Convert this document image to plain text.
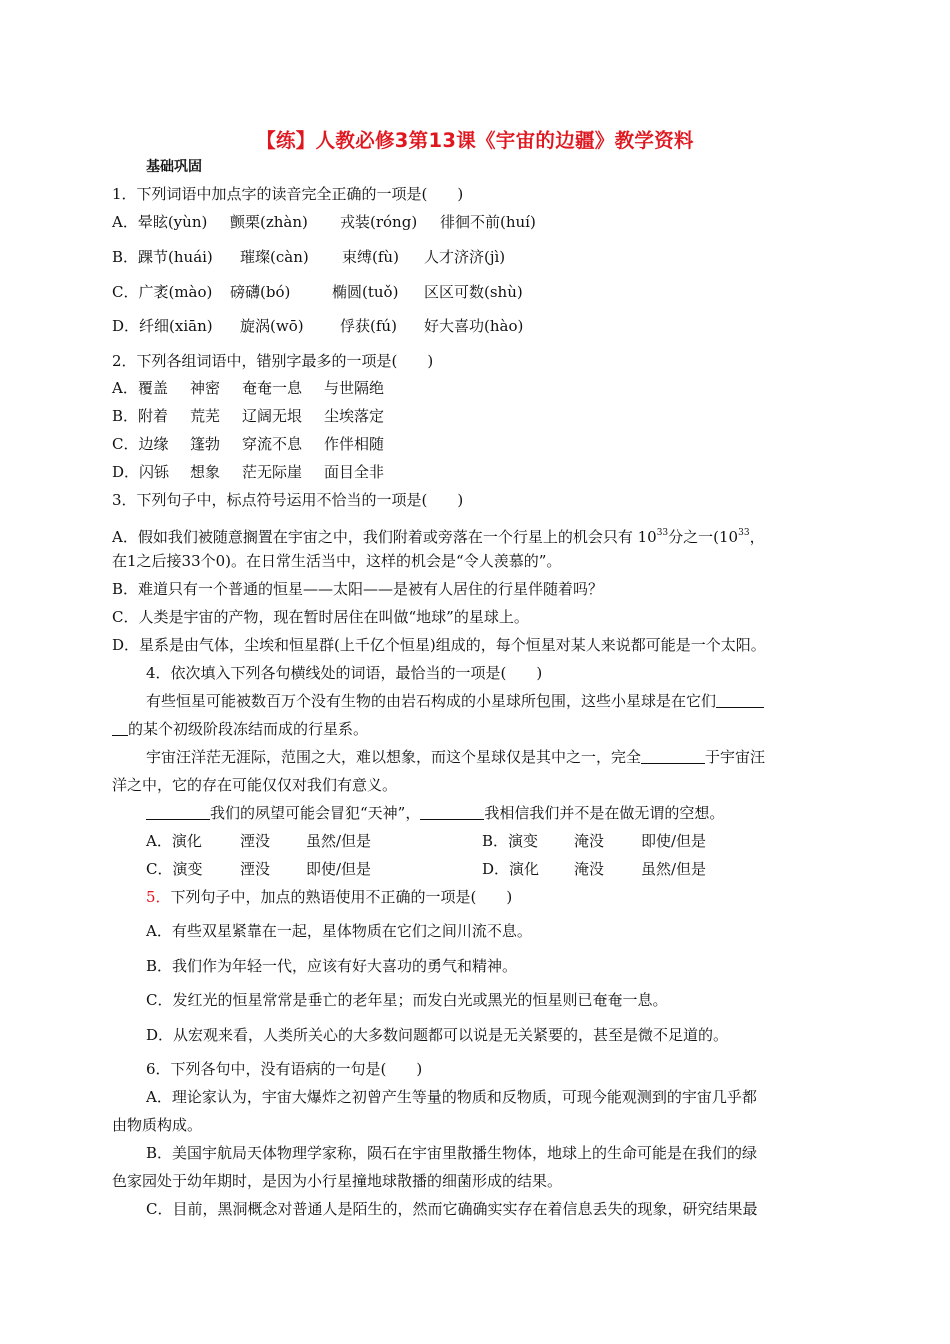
【练】人教必修3第13课《宇宙的边疆》教学资料
基础巩固
1．下列词语中加点字的读音完全正确的一项是(　　)
A．晕眩(yùn) 颤栗(zhàn) 戎装(róng) 徘徊不前(huí)
B．踝节(huái) 璀璨(càn) 束缚(fù) 人才济济(jì)
C．广袤(mào) 磅礴(bó)	椭圆(tuǒ) 区区可数(shù)
D．纤细(xiān) 旋涡(wō) 俘获(fú) 好大喜功(hào)
2．下列各组词语中，错别字最多的一项是(　　)
A．覆盖 神密 奄奄一息 与世隔绝
B．附着 荒芜 辽阔无垠 尘埃落定
C．边缘 篷勃 穿流不息 作伴相随
D．闪铄 想象 茫无际崖 面目全非
3．下列句子中，标点符号运用不恰当的一项是(　　)
A．假如我们被随意搁置在宇宙之中，我们附着或旁落在一个行星上的机会只有 $10^{33}$分之一($10^{33}$，
在1之后接33个0)。在日常生活当中，这样的机会是“令人羡慕的”。
B．难道只有一个普通的恒星——太阳——是被有人居住的行星伴随着吗？
C．人类是宇宙的产物，现在暂时居住在叫做“地球”的星球上。
D．星系是由气体，尘埃和恒星群(上千亿个恒星)组成的，每个恒星对某人来说都可能是一个太阳。
4．依次填入下列各句横线处的词语，最恰当的一项是(　　)
有些恒星可能被数百万个没有生物的由岩石构成的小星球所包围，这些小星球是在它们
的某个初级阶段冻结而成的行星系。
宇宙汪洋茫无涯际，范围之大，难以想象，而这个星球仅是其中之一，完全	于宇宙汪
洋之中，它的存在可能仅仅对我们有意义。
我们的夙望可能会冒犯“天神”，	我相信我们并不是在做无谓的空想。
A．演化	湮没 虽然/但是	B．演变 淹没 即使/但是
C．演变	湮没 即使/但是	D．演化 淹没 虽然/但是
5．下列句子中，加点的熟语使用不正确的一项是(　　)
A．有些双星紧靠在一起，星体物质在它们之间川流不息。
B．我们作为年轻一代，应该有好大喜功的勇气和精神。
C．发红光的恒星常常是垂亡的老年星；而发白光或黑光的恒星则已奄奄一息。
D．从宏观来看，人类所关心的大多数问题都可以说是无关紧要的，甚至是微不足道的。
6．下列各句中，没有语病的一句是(　　)
A．理论家认为，宇宙大爆炸之初曾产生等量的物质和反物质，可现今能观测到的宇宙几乎都
由物质构成。
B．美国宇航局天体物理学家称，陨石在宇宙里散播生物体，地球上的生命可能是在我们的绿
色家园处于幼年期时，是因为小行星撞地球散播的细菌形成的结果。
C．目前，黑洞概念对普通人是陌生的，然而它确确实实存在着信息丢失的现象，研究结果最
